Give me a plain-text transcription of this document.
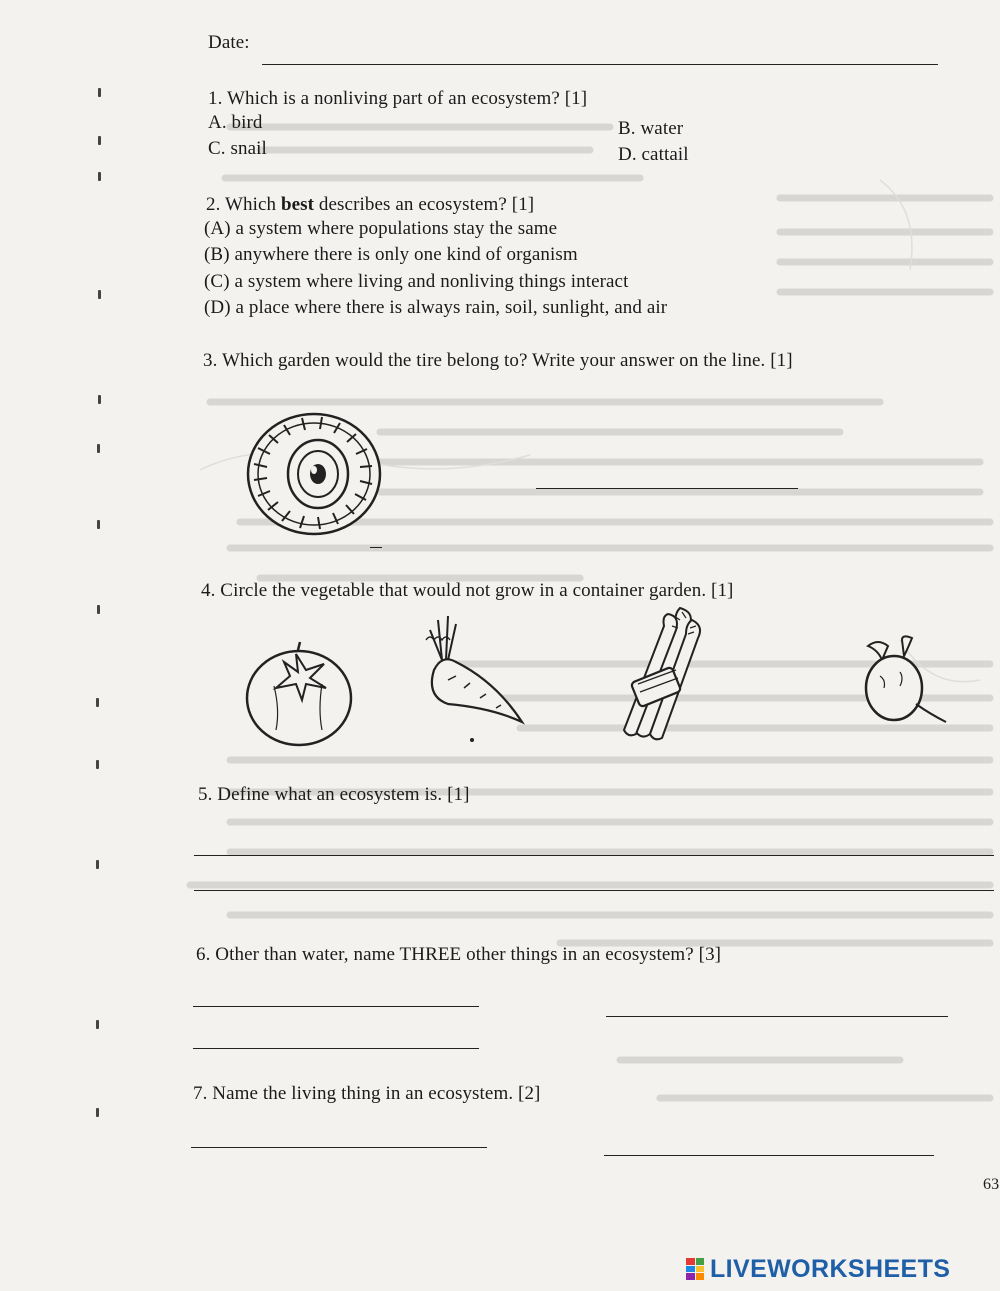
Date:
1. Which is a nonliving part of an ecosystem? [1]
A. bird	B. water
C. snail	D. cattail
2. Which best describes an ecosystem? [1]
(A) a system where populations stay the same
(B) anywhere there is only one kind of organism
(C) a system where living and nonliving things interact
(D) a place where there is always rain, soil, sunlight, and air
3. Which garden would the tire belong to? Write your answer on the line. [1]
4. Circle the vegetable that would not grow in a container garden. [1]
5. Define what an ecosystem is. [1]
6. Other than water, name THREE other things in an ecosystem? [3]
7. Name the living thing in an ecosystem. [2]
63
LIVEWORKSHEETS
